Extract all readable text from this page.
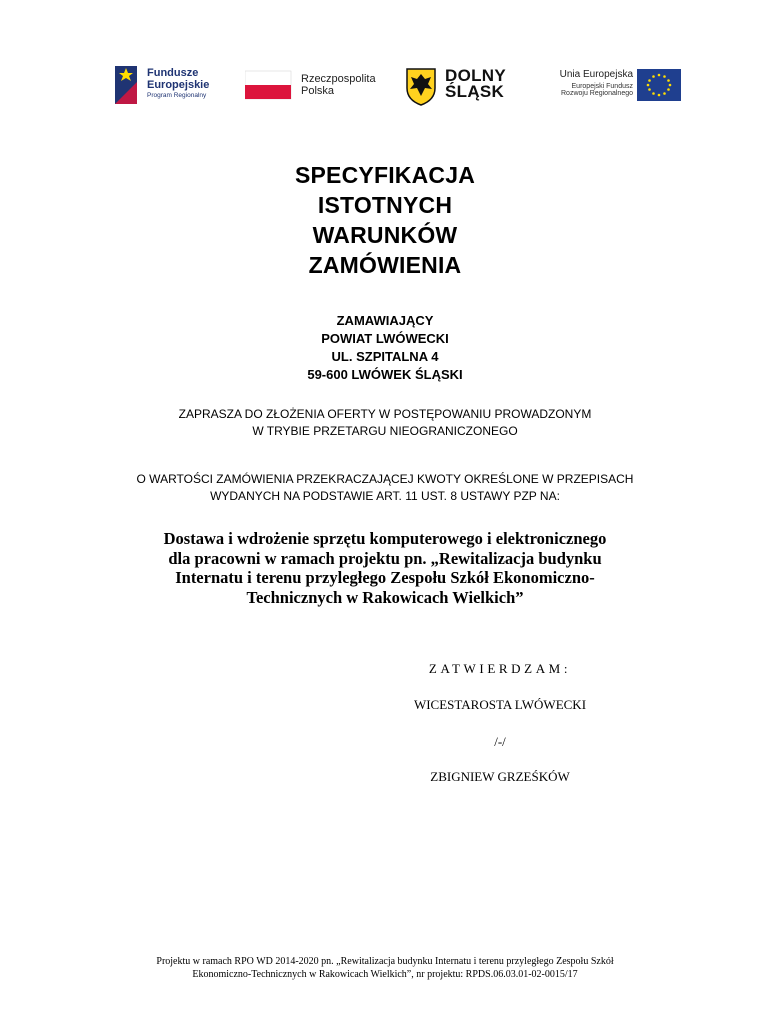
Fundusze
Europejskie
Program Regionalny
Rzeczpospolita
Polska
DOLNY
ŚLĄSK
Unia Europejska
Europejski Fundusz
Rozwoju Regionalnego
SPECYFIKACJA
ISTOTNYCH
WARUNKÓW
ZAMÓWIENIA
ZAMAWIAJĄCY
POWIAT LWÓWECKI
UL. SZPITALNA 4
59-600 LWÓWEK ŚLĄSKI
ZAPRASZA DO ZŁOŻENIA OFERTY W POSTĘPOWANIU PROWADZONYM
W TRYBIE PRZETARGU NIEOGRANICZONEGO
O WARTOŚCI ZAMÓWIENIA PRZEKRACZAJĄCEJ KWOTY OKREŚLONE W PRZEPISACH
WYDANYCH NA PODSTAWIE ART. 11 UST. 8 USTAWY PZP NA:
Dostawa i wdrożenie sprzętu komputerowego i elektronicznego
dla pracowni w ramach projektu pn. „Rewitalizacja budynku
Internatu i terenu przyległego Zespołu Szkół Ekonomiczno-
Technicznych w Rakowicach Wielkich”
ZATWIERDZAM:
WICESTAROSTA LWÓWECKI
/-/
ZBIGNIEW GRZEŚKÓW
Projektu w ramach RPO WD 2014-2020 pn. „Rewitalizacja budynku Internatu i terenu przyległego Zespołu Szkół
Ekonomiczno-Technicznych w Rakowicach Wielkich”, nr projektu: RPDS.06.03.01-02-0015/17
